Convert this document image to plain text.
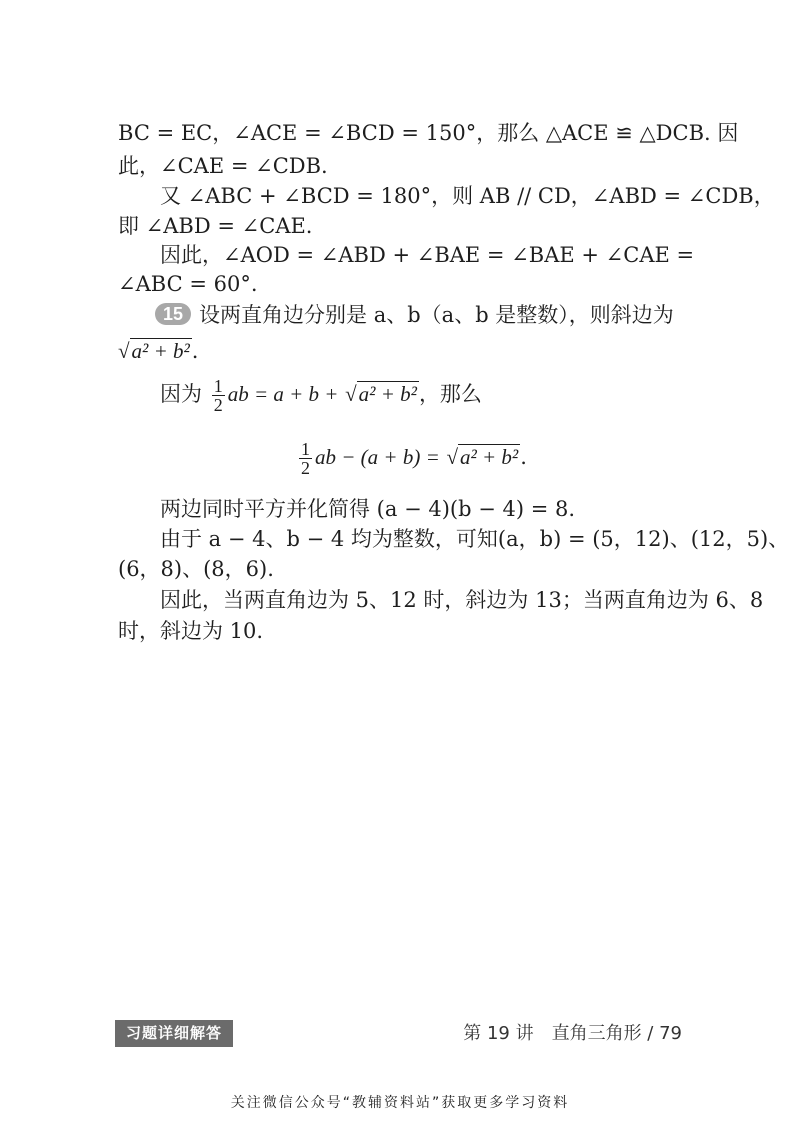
BC = EC，∠ACE = ∠BCD = 150°，那么 △ACE ≌ △DCB. 因
此，∠CAE = ∠CDB.
又 ∠ABC + ∠BCD = 180°，则 AB // CD，∠ABD = ∠CDB，
即 ∠ABD = ∠CAE.
因此，∠AOD = ∠ABD + ∠BAE = ∠BAE + ∠CAE =
∠ABC = 60°.
15 设两直角边分别是 a、b（a、b 是整数），则斜边为
√a² + b².
因为 $\frac{1}{2}$ ab = a + b + √a² + b²，那么
$\frac{1}{2}$ ab − (a + b) = √a² + b².
两边同时平方并化简得 (a − 4)(b − 4) = 8.
由于 a − 4、b − 4 均为整数，可知(a，b) = (5，12)、(12，5)、
(6，8)、(8，6).
因此，当两直角边为 5、12 时，斜边为 13；当两直角边为 6、8
时，斜边为 10.
习题详细解答	第 19 讲　直角三角形 / 79
关注微信公众号“教辅资料站”获取更多学习资料
